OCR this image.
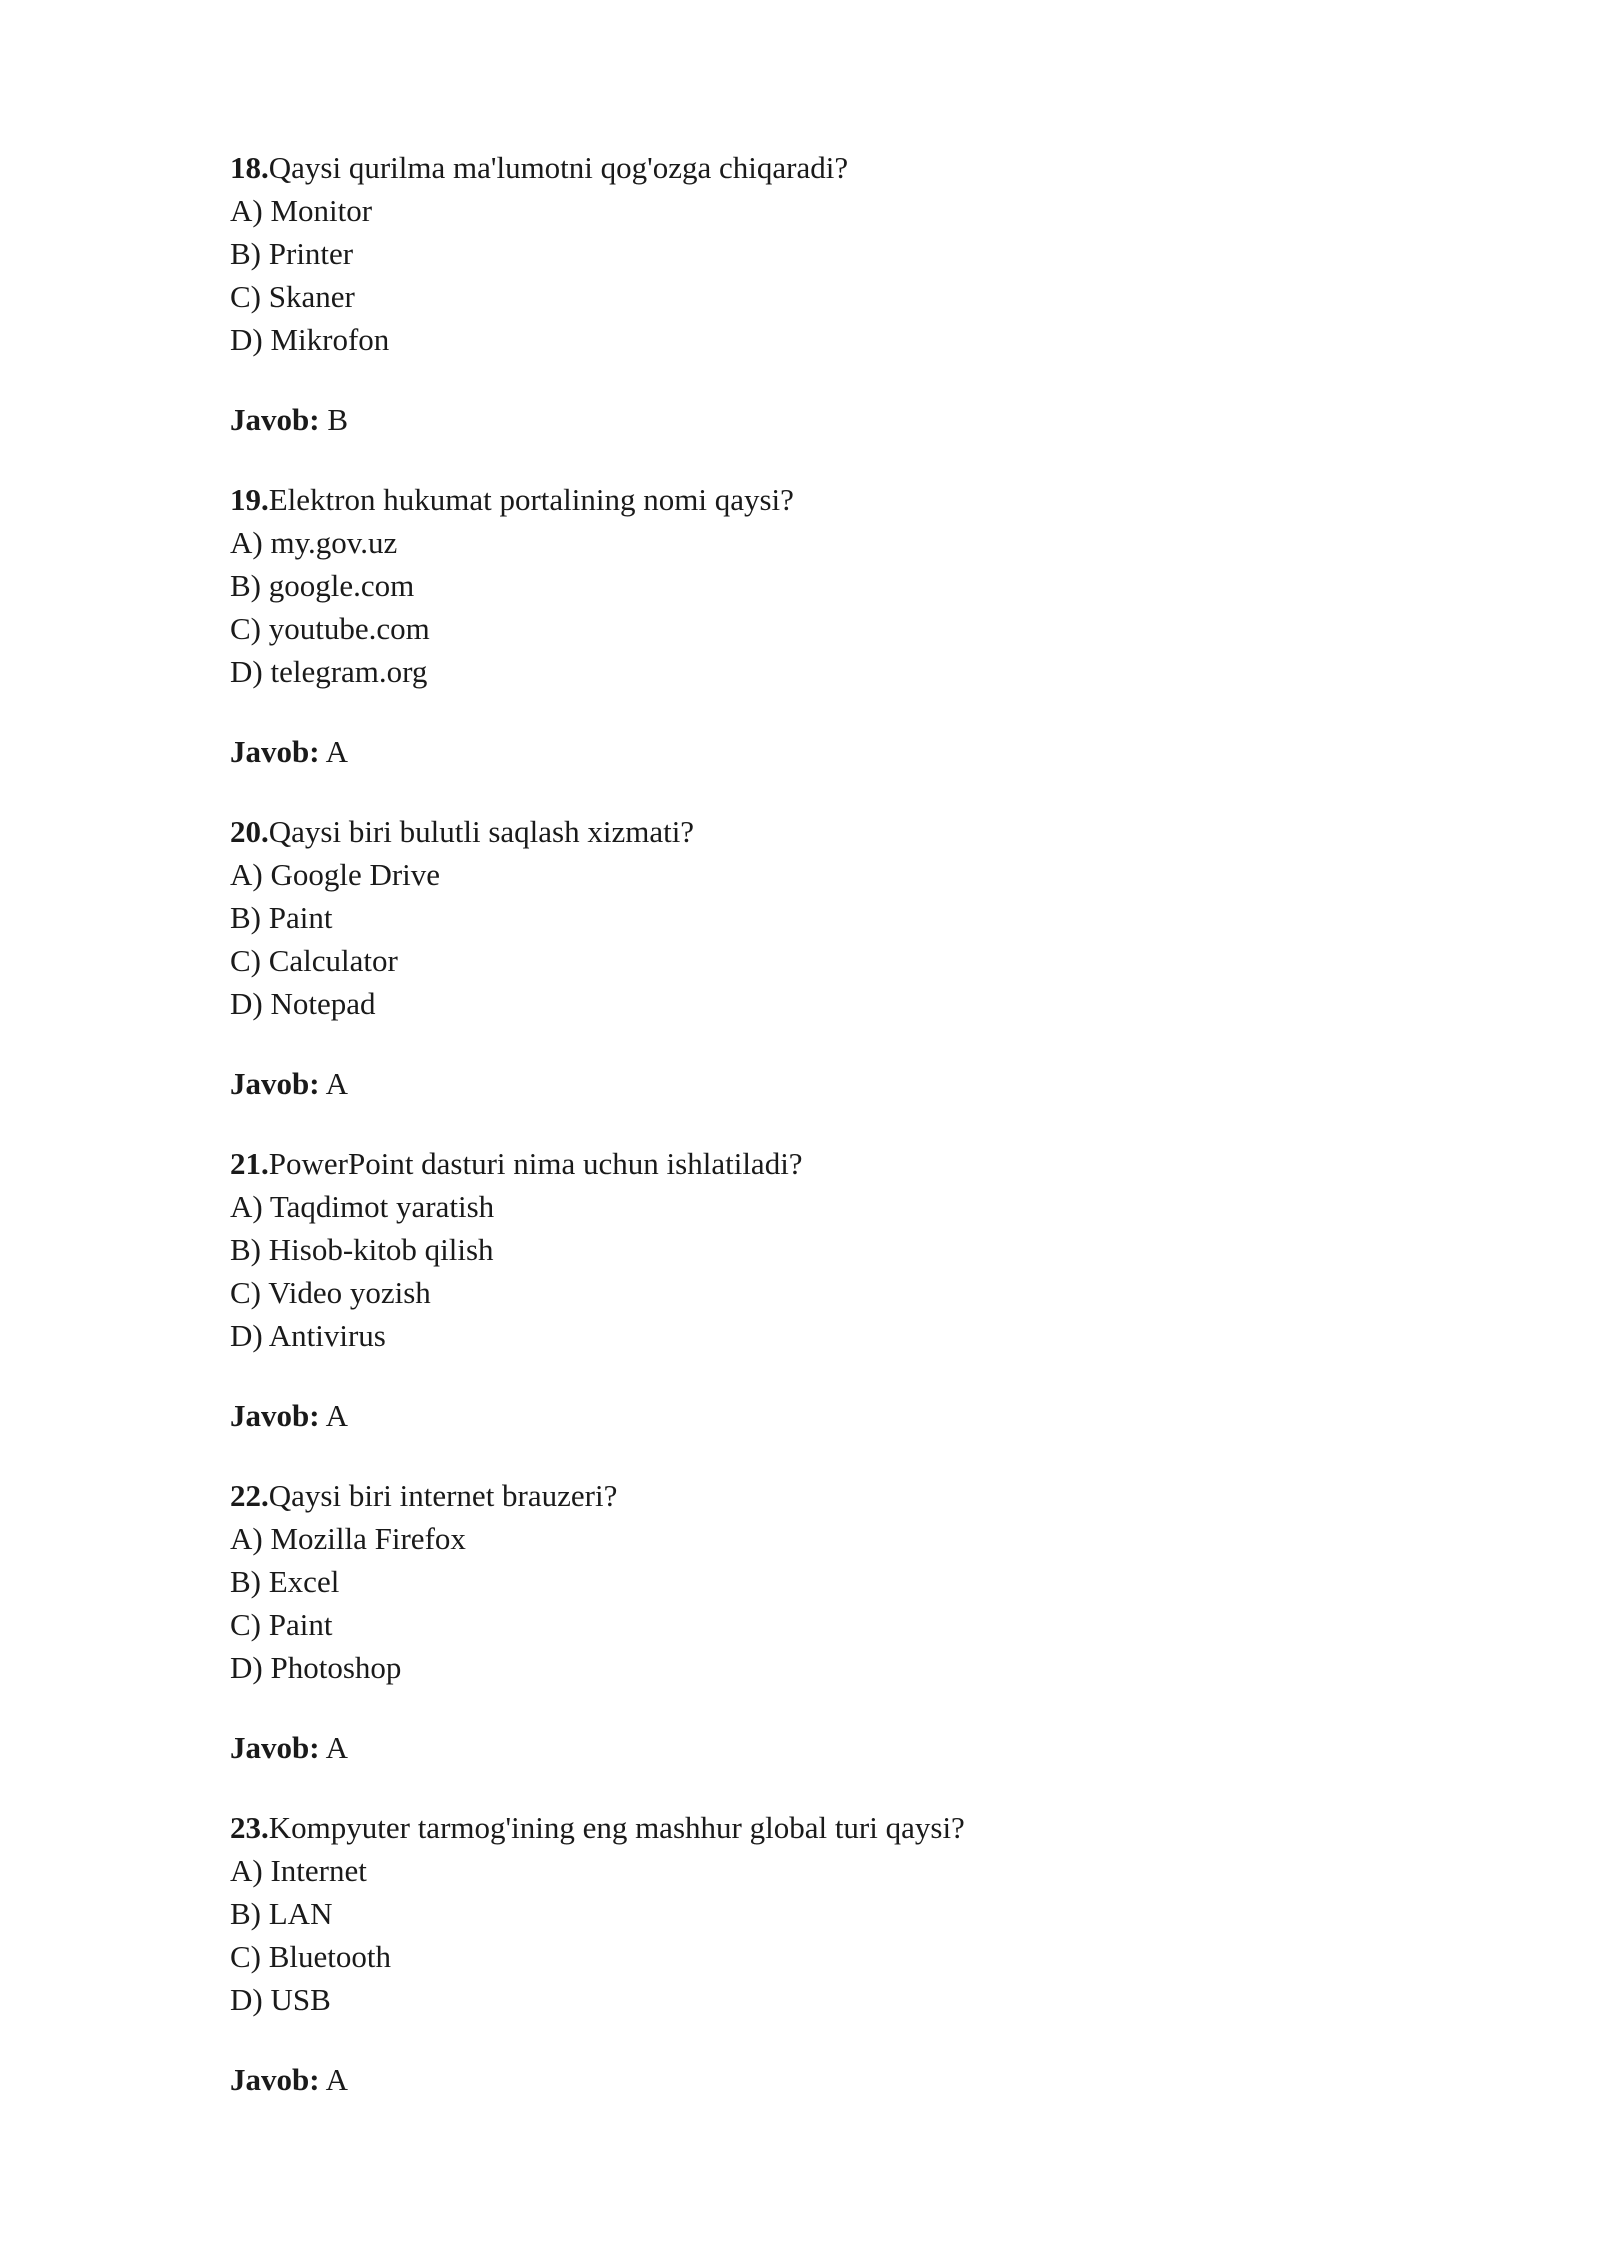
18.Qaysi qurilma ma'lumotni qog'ozga chiqaradi?
A) Monitor
B) Printer
C) Skaner
D) Mikrofon
Javob: B
19.Elektron hukumat portalining nomi qaysi?
A) my.gov.uz
B) google.com
C) youtube.com
D) telegram.org
Javob: A
20.Qaysi biri bulutli saqlash xizmati?
A) Google Drive
B) Paint
C) Calculator
D) Notepad
Javob: A
21.PowerPoint dasturi nima uchun ishlatiladi?
A) Taqdimot yaratish
B) Hisob-kitob qilish
C) Video yozish
D) Antivirus
Javob: A
22.Qaysi biri internet brauzeri?
A) Mozilla Firefox
B) Excel
C) Paint
D) Photoshop
Javob: A
23.Kompyuter tarmog'ining eng mashhur global turi qaysi?
A) Internet
B) LAN
C) Bluetooth
D) USB
Javob: A
